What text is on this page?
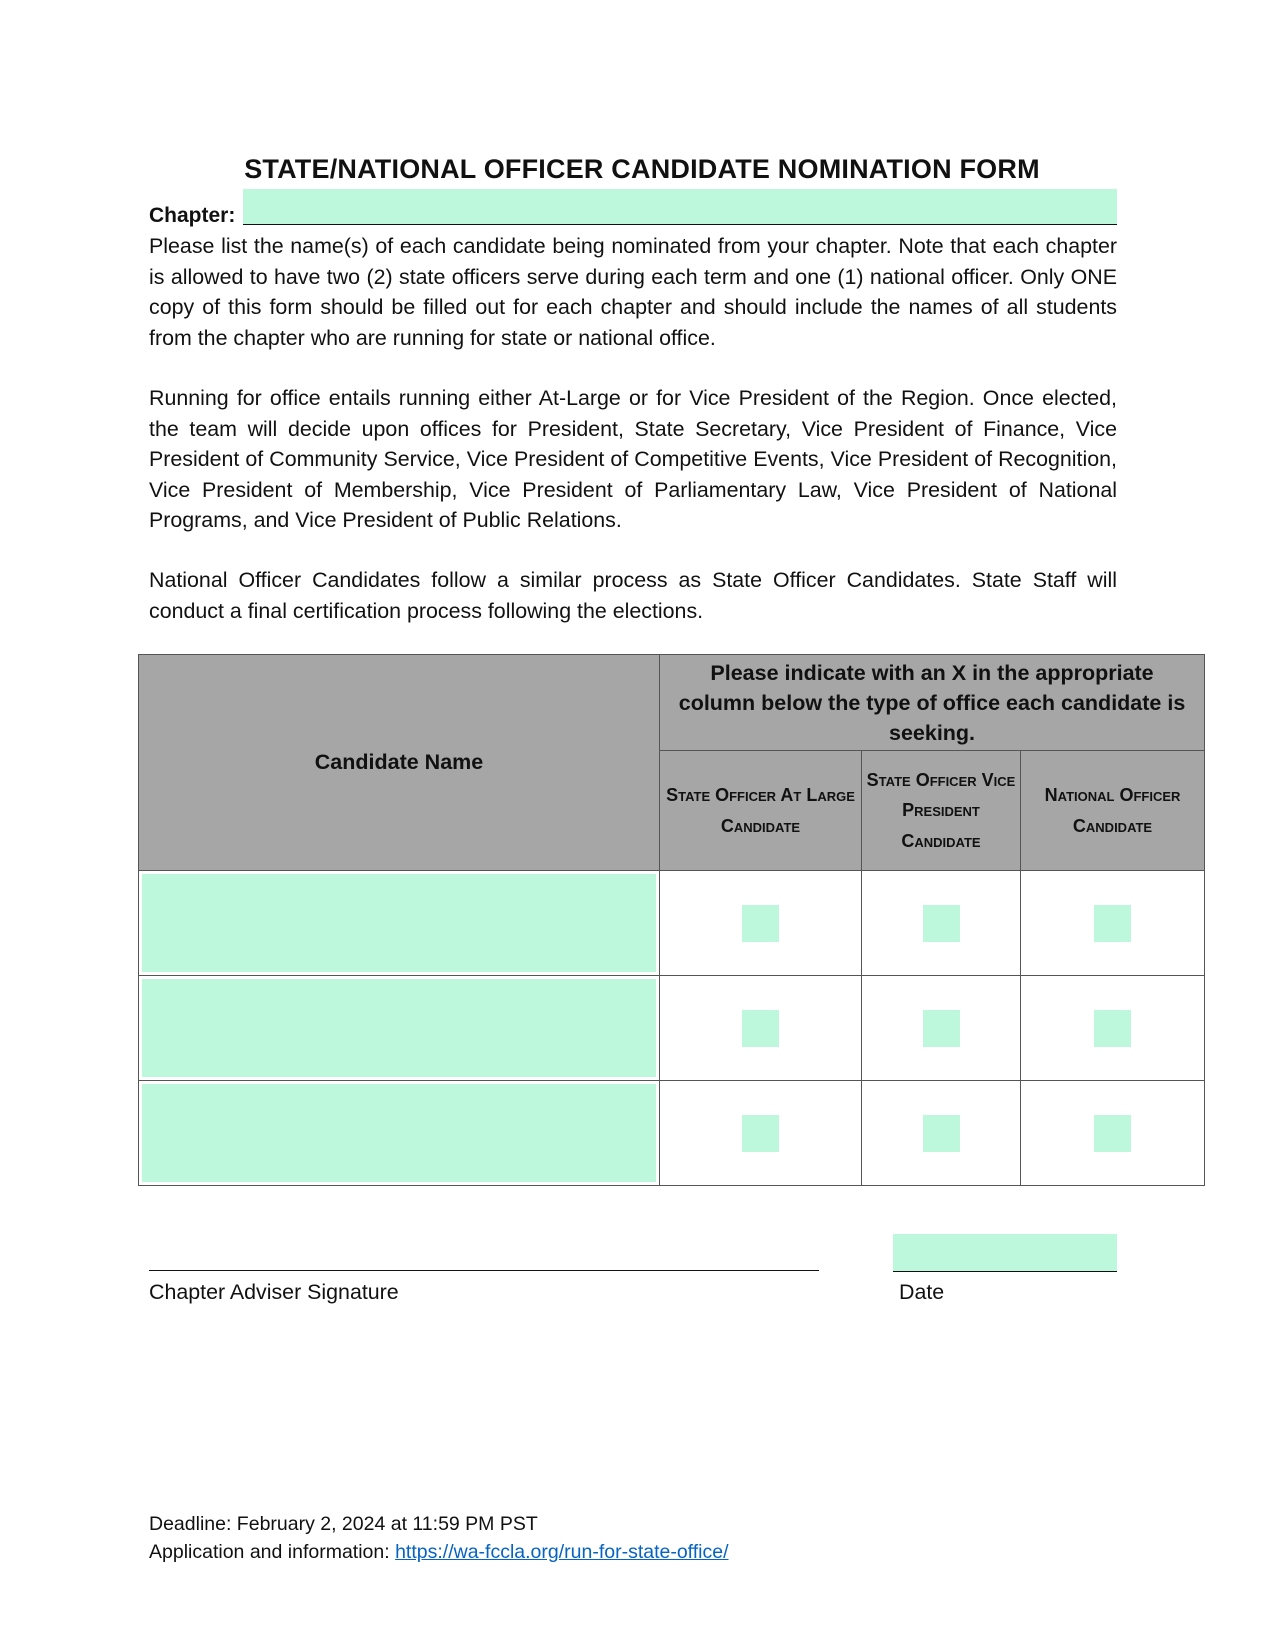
STATE/NATIONAL OFFICER CANDIDATE NOMINATION FORM
Chapter:

Please list the name(s) of each candidate being nominated from your chapter. Note that each chapter is allowed to have two (2) state officers serve during each term and one (1) national officer. Only ONE copy of this form should be filled out for each chapter and should include the names of all students from the chapter who are running for state or national office.

Running for office entails running either At-Large or for Vice President of the Region. Once elected, the team will decide upon offices for President, State Secretary, Vice President of Finance, Vice President of Community Service, Vice President of Competitive Events, Vice President of Recognition, Vice President of Membership, Vice President of Parliamentary Law, Vice President of National Programs, and Vice President of Public Relations.

National Officer Candidates follow a similar process as State Officer Candidates. State Staff will conduct a final certification process following the elections.

Candidate Name	Please indicate with an X in the appropriate column below the type of office each candidate is seeking.		
	State Officer At Large Candidate	State Officer Vice President Candidate	National Officer Candidate

Chapter Adviser Signature	Date
Deadline: February 2, 2024 at 11:59 PM PST
Application and information: https://wa-fccla.org/run-for-state-office/
